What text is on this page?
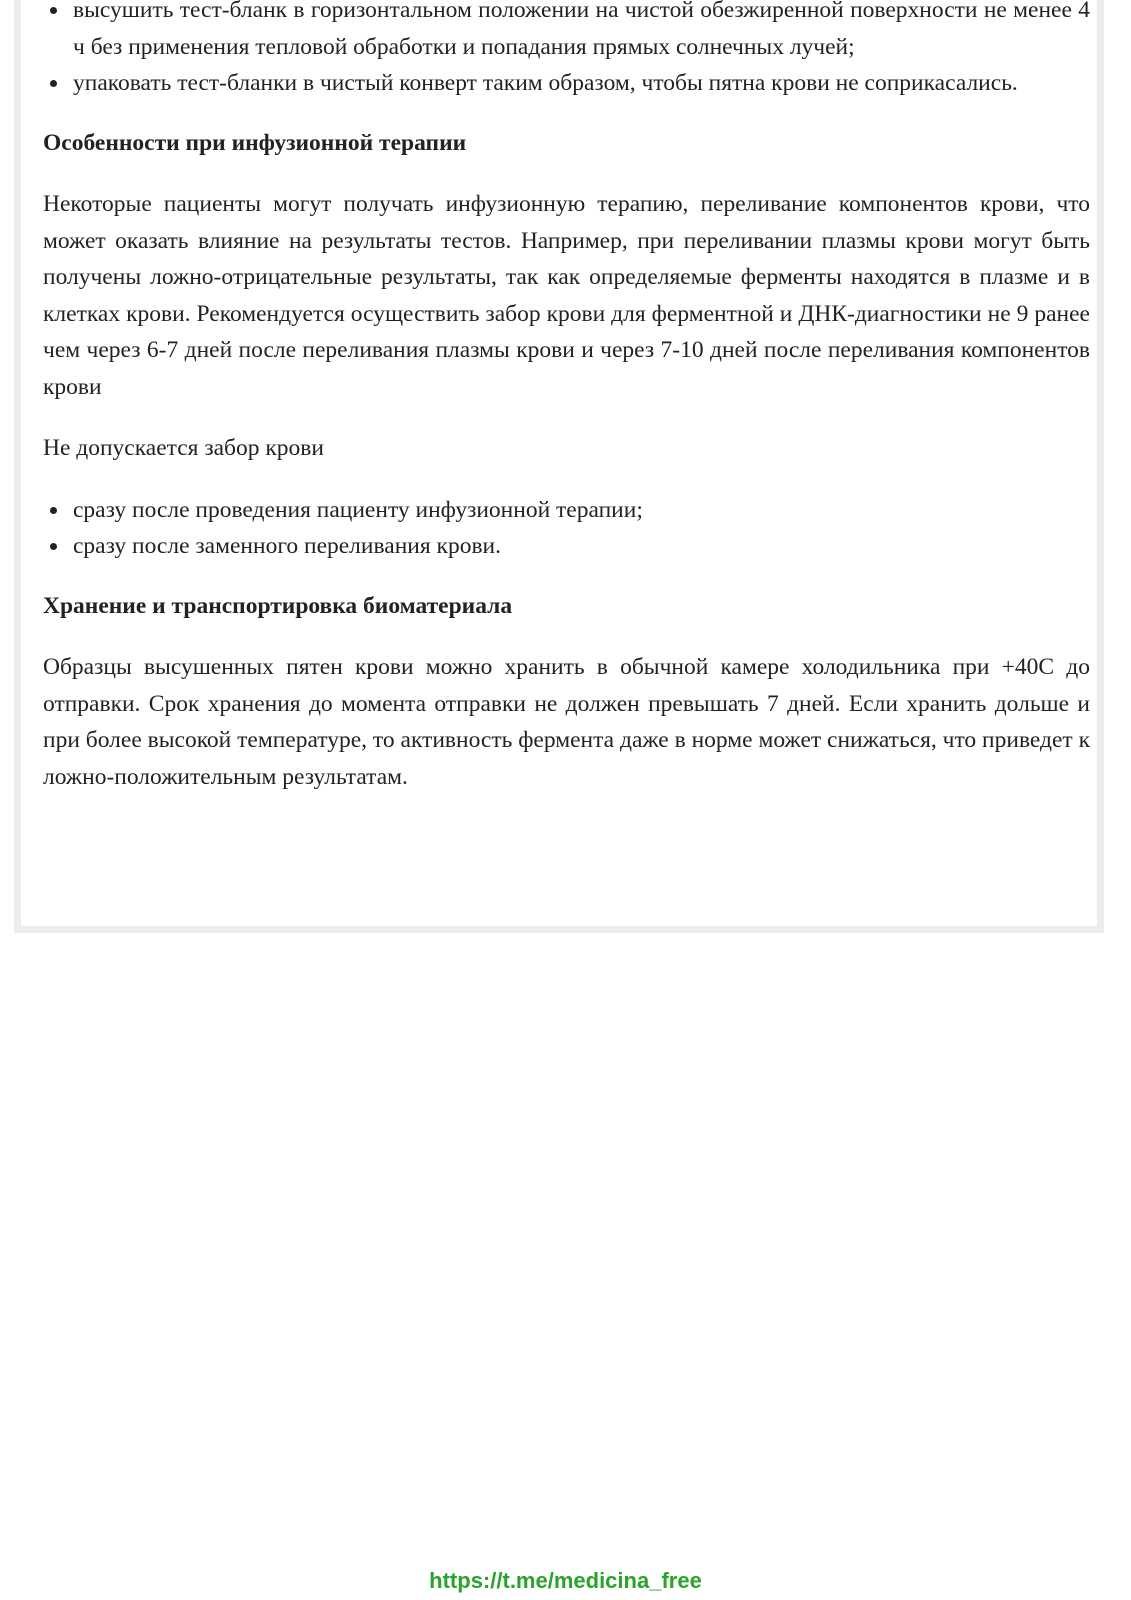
высушить тест-бланк в горизонтальном положении на чистой обезжиренной поверхности не менее 4 ч без применения тепловой обработки и попадания прямых солнечных лучей;
упаковать тест-бланки в чистый конверт таким образом, чтобы пятна крови не соприкасались.
Особенности при инфузионной терапии

Некоторые пациенты могут получать инфузионную терапию, переливание компонентов крови, что может оказать влияние на результаты тестов. Например, при переливании плазмы крови могут быть получены ложно-отрицательные результаты, так как определяемые ферменты находятся в плазме и в клетках крови. Рекомендуется осуществить забор крови для ферментной и ДНК-диагностики не 9 ранее чем через 6-7 дней после переливания плазмы крови и через 7-10 дней после переливания компонентов крови

Не допускается забор крови

сразу после проведения пациенту инфузионной терапии;
сразу после заменного переливания крови.
Хранение и транспортировка биоматериала

Образцы высушенных пятен крови можно хранить в обычной камере холодильника при +40С до отправки. Срок хранения до момента отправки не должен превышать 7 дней. Если хранить дольше и при более высокой температуре, то активность фермента даже в норме может снижаться, что приведет к ложно-положительным результатам.

https://t.me/medicina_free
